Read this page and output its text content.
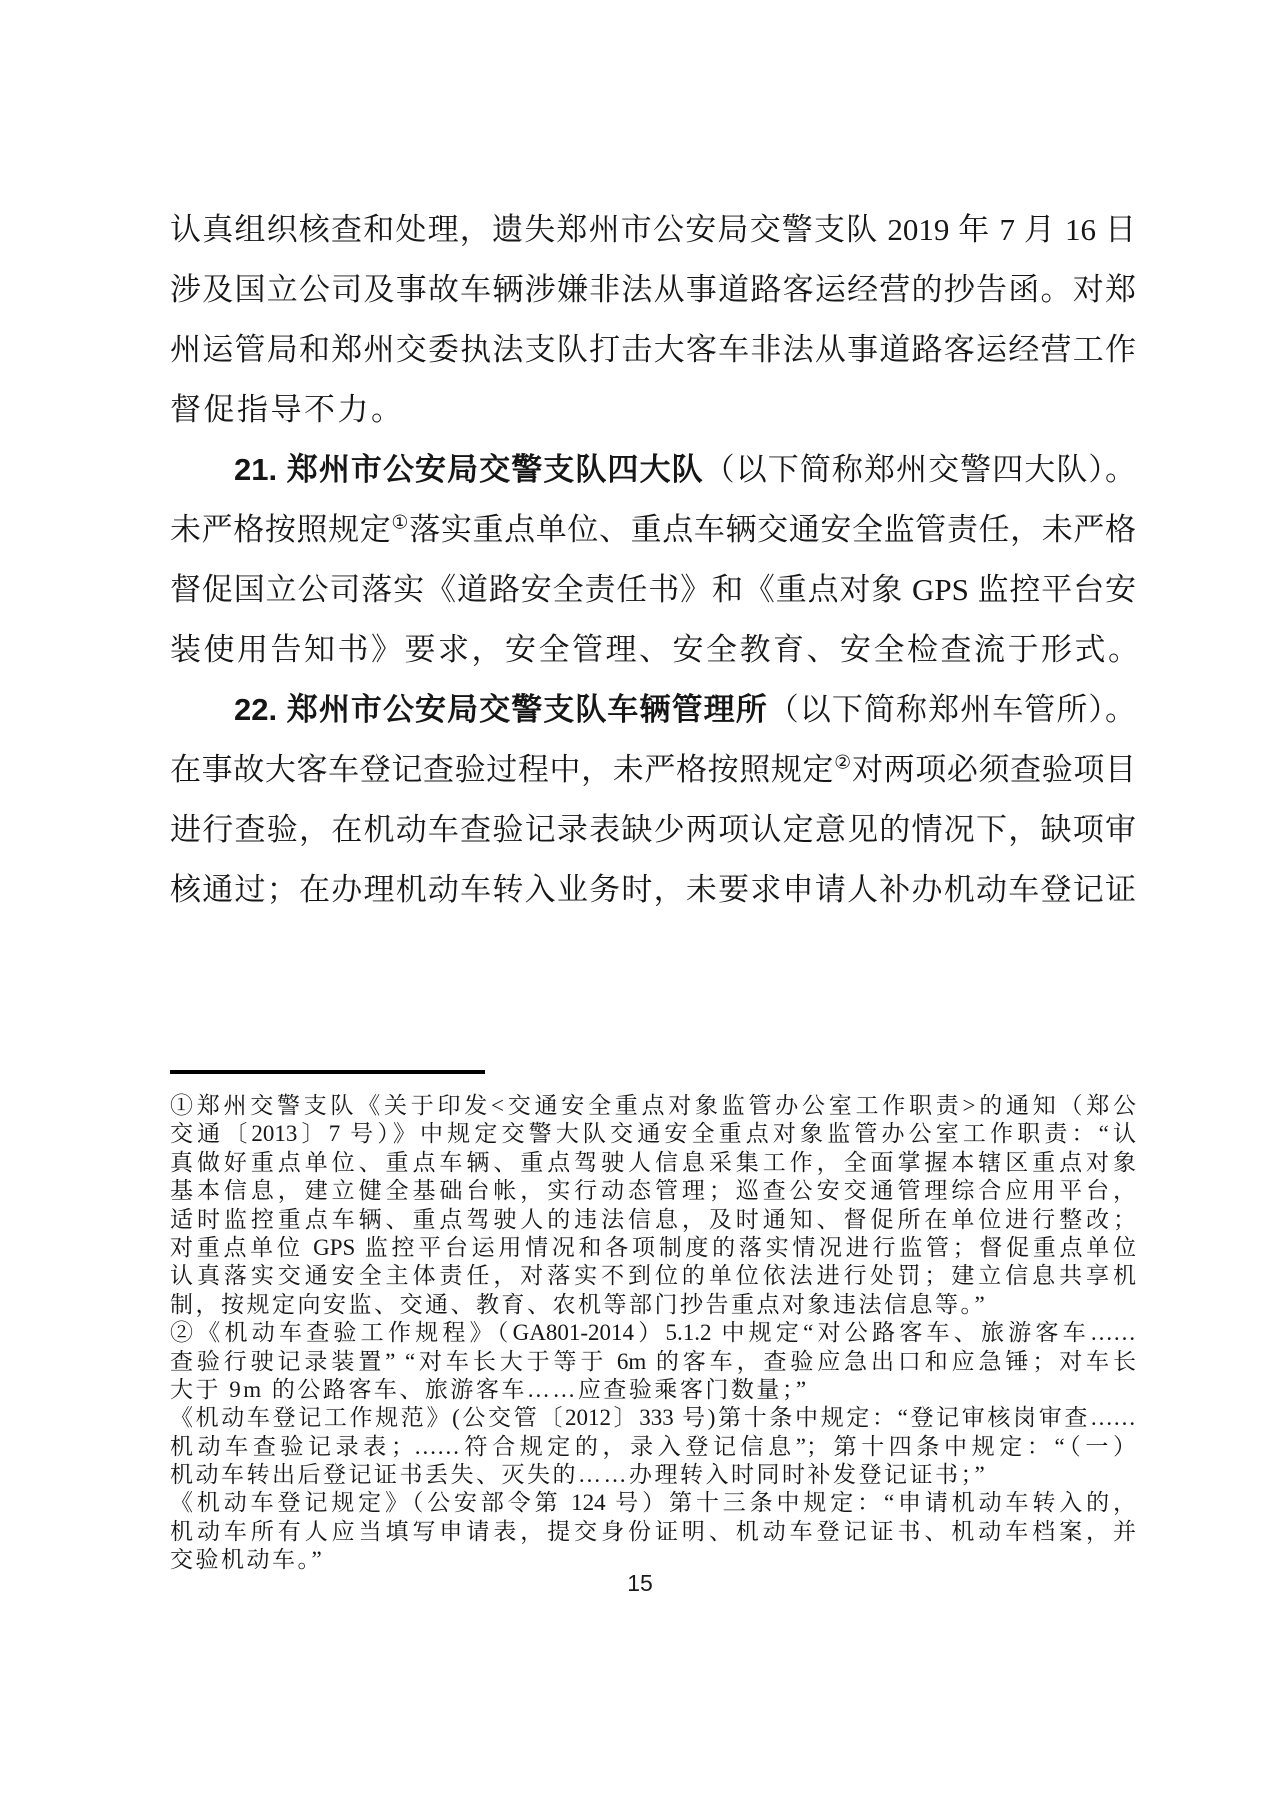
认真组织核查和处理，遗失郑州市公安局交警支队 2019 年 7 月 16 日
涉及国立公司及事故车辆涉嫌非法从事道路客运经营的抄告函。对郑
州运管局和郑州交委执法支队打击大客车非法从事道路客运经营工作
督促指导不力。
21. 郑州市公安局交警支队四大队（以下简称郑州交警四大队）。
未严格按照规定①落实重点单位、重点车辆交通安全监管责任，未严格
督促国立公司落实《道路安全责任书》和《重点对象 GPS 监控平台安
装使用告知书》要求，安全管理、安全教育、安全检查流于形式。
22. 郑州市公安局交警支队车辆管理所（以下简称郑州车管所）。
在事故大客车登记查验过程中，未严格按照规定②对两项必须查验项目
进行查验，在机动车查验记录表缺少两项认定意见的情况下，缺项审
核通过；在办理机动车转入业务时，未要求申请人补办机动车登记证
①郑州交警支队《关于印发<交通安全重点对象监管办公室工作职责>的通知（郑公
交通〔2013〕7 号）》中规定交警大队交通安全重点对象监管办公室工作职责：“认
真做好重点单位、重点车辆、重点驾驶人信息采集工作，全面掌握本辖区重点对象
基本信息，建立健全基础台帐，实行动态管理；巡查公安交通管理综合应用平台，
适时监控重点车辆、重点驾驶人的违法信息，及时通知、督促所在单位进行整改；
对重点单位 GPS 监控平台运用情况和各项制度的落实情况进行监管；督促重点单位
认真落实交通安全主体责任，对落实不到位的单位依法进行处罚；建立信息共享机
制，按规定向安监、交通、教育、农机等部门抄告重点对象违法信息等。”
②《机动车查验工作规程》（GA801-2014）5.1.2 中规定“对公路客车、旅游客车……
查验行驶记录装置” “对车长大于等于 6m 的客车，查验应急出口和应急锤；对车长
大于 9m 的公路客车、旅游客车……应查验乘客门数量；”
《机动车登记工作规范》(公交管〔2012〕333 号)第十条中规定：“登记审核岗审查……
机动车查验记录表；……符合规定的，录入登记信息”；第十四条中规定：“（一）
机动车转出后登记证书丢失、灭失的……办理转入时同时补发登记证书；”
《机动车登记规定》（公安部令第 124 号）第十三条中规定：“申请机动车转入的，
机动车所有人应当填写申请表，提交身份证明、机动车登记证书、机动车档案，并
交验机动车。”
15
